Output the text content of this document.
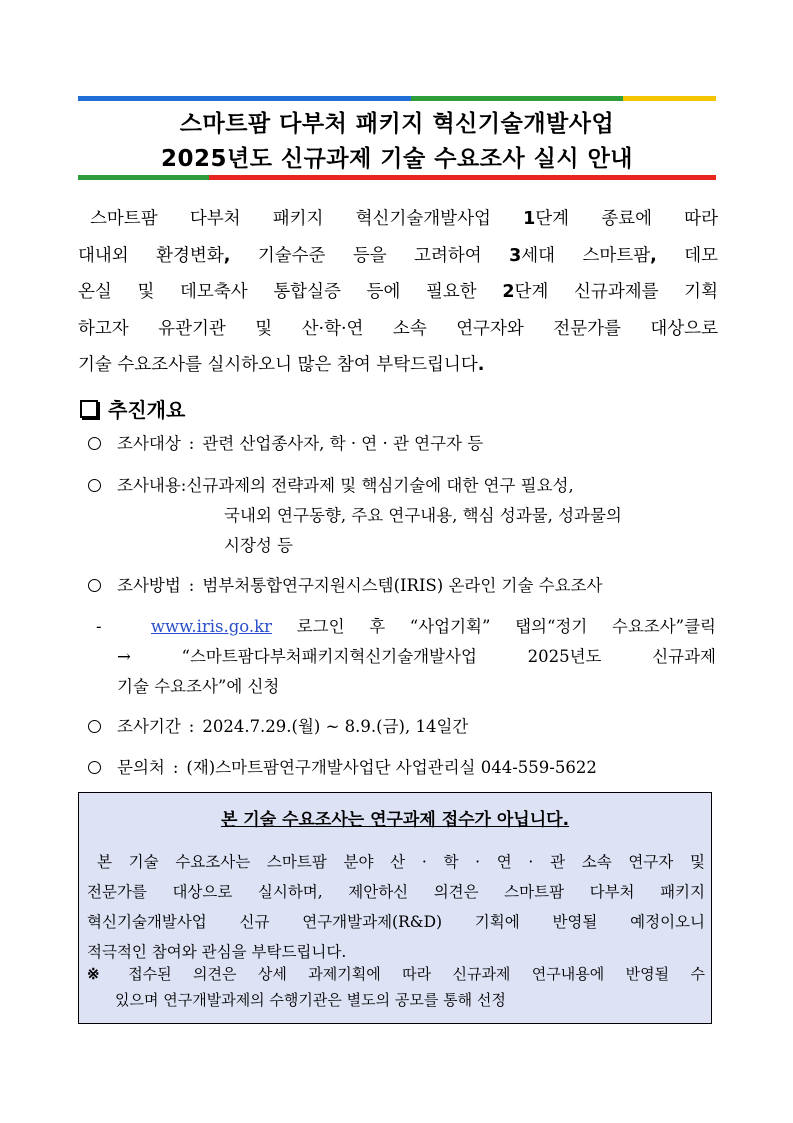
스마트팜 다부처 패키지 혁신기술개발사업
2025년도 신규과제 기술 수요조사 실시 안내
스마트팜 다부처 패키지 혁신기술개발사업 1단계 종료에 따라
대내외 환경변화, 기술수준 등을 고려하여 3세대 스마트팜, 데모
온실 및 데모축사 통합실증 등에 필요한 2단계 신규과제를 기획
하고자 유관기관 및 산·학·연 소속 연구자와 전문가를 대상으로
기술 수요조사를 실시하오니 많은 참여 부탁드립니다.
추진개요
조사대상 : 관련 산업종사자, 학 · 연 · 관 연구자 등
조사내용:신규과제의 전략과제 및 핵심기술에 대한 연구 필요성,
국내외 연구동향, 주요 연구내용, 핵심 성과물, 성과물의
시장성 등
조사방법 : 범부처통합연구지원시스템(IRIS) 온라인 기술 수요조사
-	www.iris.go.kr 로그인 후 “사업기획” 탭의“정기 수요조사”클릭
→ “스마트팜다부처패키지혁신기술개발사업 2025년도 신규과제
기술 수요조사”에 신청
조사기간 : 2024.7.29.(월) ~ 8.9.(금), 14일간
문의처 : (재)스마트팜연구개발사업단 사업관리실 044-559-5622
본 기술 수요조사는 연구과제 접수가 아닙니다.
본 기술 수요조사는 스마트팜 분야 산 · 학 · 연 · 관 소속 연구자 및
전문가를 대상으로 실시하며, 제안하신 의견은 스마트팜 다부처 패키지
혁신기술개발사업 신규 연구개발과제(R&D) 기획에 반영될 예정이오니
적극적인 참여와 관심을 부탁드립니다.
※ 접수된 의견은 상세 과제기획에 따라 신규과제 연구내용에 반영될 수
있으며 연구개발과제의 수행기관은 별도의 공모를 통해 선정
